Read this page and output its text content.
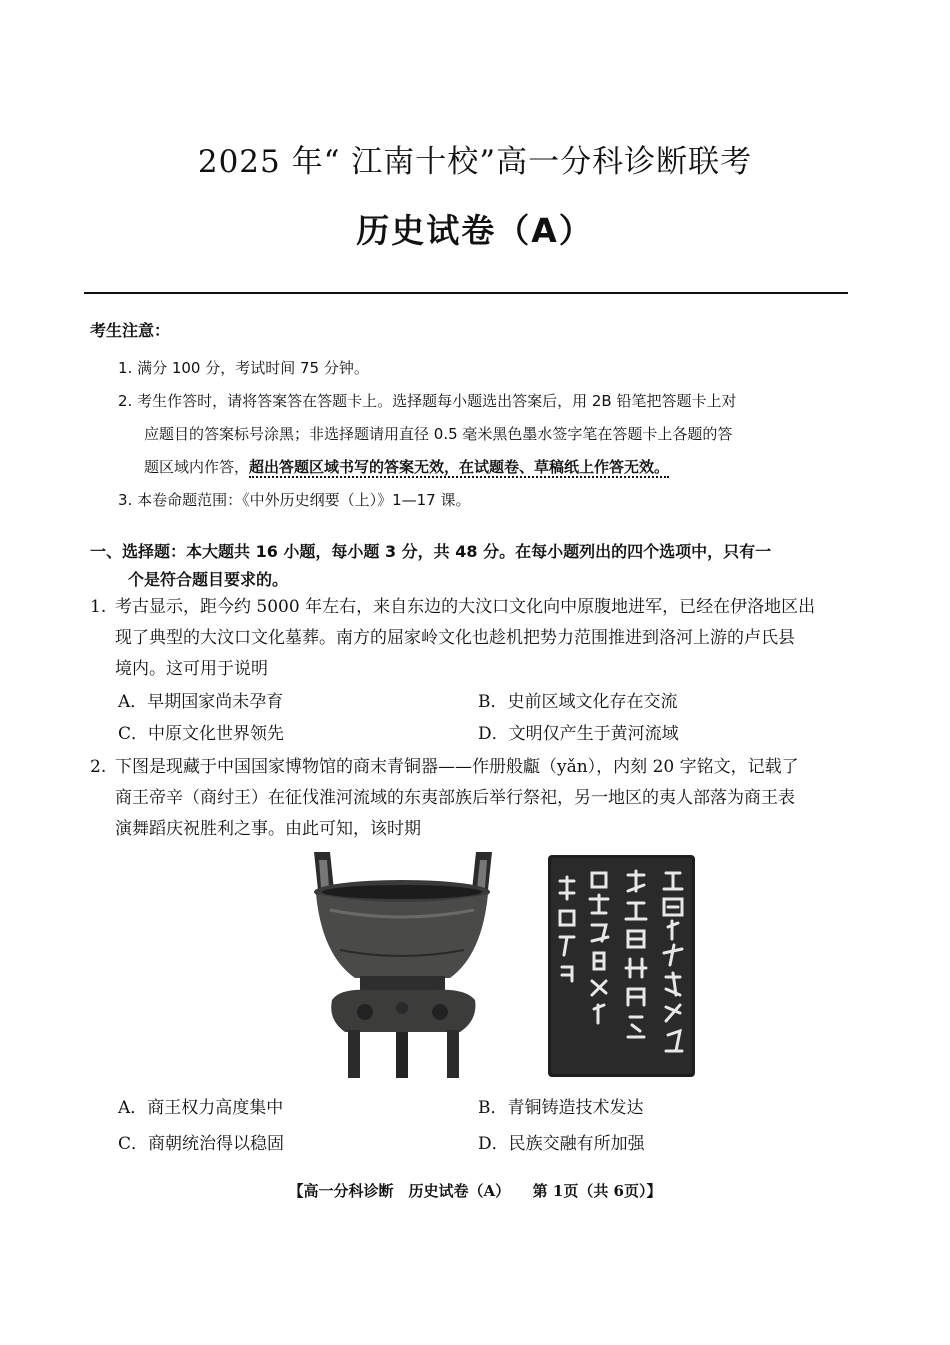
2025 年“ 江南十校”高一分科诊断联考
历史试卷（A）
考生注意：
1. 满分 100 分，考试时间 75 分钟。
2. 考生作答时，请将答案答在答题卡上。选择题每小题选出答案后，用 2B 铅笔把答题卡上对
应题目的答案标号涂黑；非选择题请用直径 0.5 毫米黑色墨水签字笔在答题卡上各题的答
题区域内作答，超出答题区域书写的答案无效，在试题卷、草稿纸上作答无效。
3. 本卷命题范围：《中外历史纲要（上）》1—17 课。
一、选择题：本大题共 16 小题，每小题 3 分，共 48 分。在每小题列出的四个选项中，只有一
个是符合题目要求的。
1. 考古显示，距今约 5000 年左右，来自东边的大汶口文化向中原腹地进军，已经在伊洛地区出
现了典型的大汶口文化墓葬。南方的屈家岭文化也趁机把势力范围推进到洛河上游的卢氏县
境内。这可用于说明
A．早期国家尚未孕育	B．史前区域文化存在交流
C．中原文化世界领先	D．文明仅产生于黄河流域
2. 下图是现藏于中国国家博物馆的商末青铜器——作册般甗（yǎn），内刻 20 字铭文，记载了
商王帝辛（商纣王）在征伐淮河流域的东夷部族后举行祭祀，另一地区的夷人部落为商王表
演舞蹈庆祝胜利之事。由此可知，该时期
A．商王权力高度集中	B．青铜铸造技术发达
C．商朝统治得以稳固	D．民族交融有所加强
【高一分科诊断　历史试卷（A）　　第 1页（共 6页）】
